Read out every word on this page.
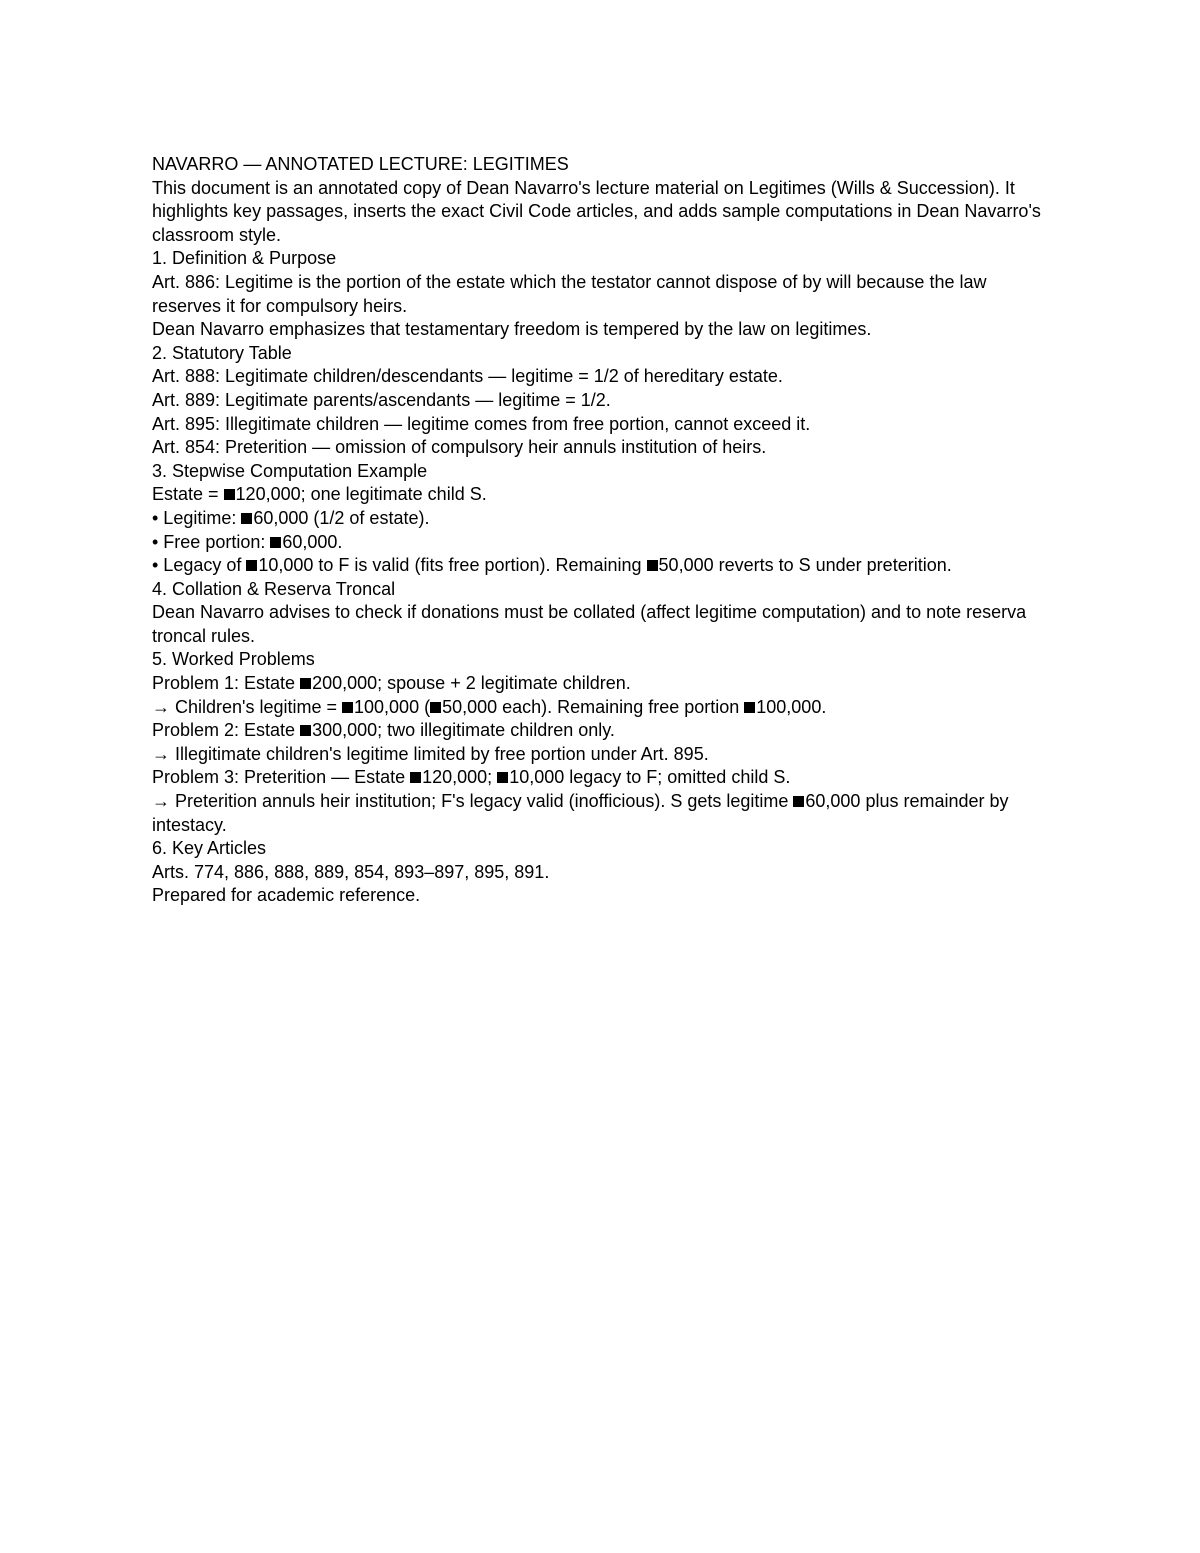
NAVARRO — ANNOTATED LECTURE: LEGITIMES

This document is an annotated copy of Dean Navarro's lecture material on Legitimes (Wills & Succession). It highlights key passages, inserts the exact Civil Code articles, and adds sample computations in Dean Navarro's classroom style.

1. Definition & Purpose

Art. 886: Legitime is the portion of the estate which the testator cannot dispose of by will because the law reserves it for compulsory heirs.

Dean Navarro emphasizes that testamentary freedom is tempered by the law on legitimes.

2. Statutory Table

Art. 888: Legitimate children/descendants — legitime = 1/2 of hereditary estate.

Art. 889: Legitimate parents/ascendants — legitime = 1/2.

Art. 895: Illegitimate children — legitime comes from free portion, cannot exceed it.

Art. 854: Preterition — omission of compulsory heir annuls institution of heirs.

3. Stepwise Computation Example

Estate = 120,000; one legitimate child S.

• Legitime: 60,000 (1/2 of estate).

• Free portion: 60,000.

• Legacy of 10,000 to F is valid (fits free portion). Remaining 50,000 reverts to S under preterition.

4. Collation & Reserva Troncal

Dean Navarro advises to check if donations must be collated (affect legitime computation) and to note reserva troncal rules.

5. Worked Problems

Problem 1: Estate 200,000; spouse + 2 legitimate children.

→ Children's legitime = 100,000 ( 50,000 each). Remaining free portion 100,000.

Problem 2: Estate 300,000; two illegitimate children only.

→ Illegitimate children's legitime limited by free portion under Art. 895.

Problem 3: Preterition — Estate 120,000; 10,000 legacy to F; omitted child S.

→ Preterition annuls heir institution; F's legacy valid (inofficious). S gets legitime 60,000 plus remainder by intestacy.

6. Key Articles

Arts. 774, 886, 888, 889, 854, 893–897, 895, 891.

Prepared for academic reference.
